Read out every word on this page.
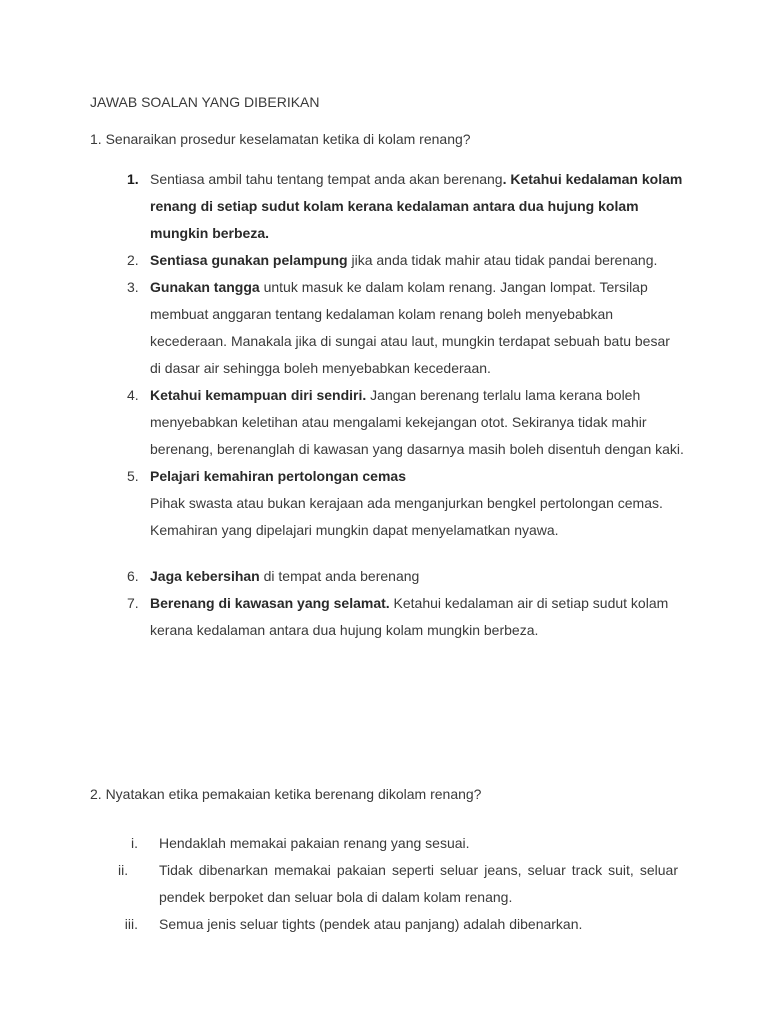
JAWAB SOALAN YANG DIBERIKAN
1. Senaraikan prosedur keselamatan ketika di kolam renang?
1. Sentiasa ambil tahu tentang tempat anda akan berenang. Ketahui kedalaman kolam renang di setiap sudut kolam kerana kedalaman antara dua hujung kolam mungkin berbeza.
2. Sentiasa gunakan pelampung jika anda tidak mahir atau tidak pandai berenang.
3. Gunakan tangga untuk masuk ke dalam kolam renang. Jangan lompat. Tersilap membuat anggaran tentang kedalaman kolam renang boleh menyebabkan kecederaan. Manakala jika di sungai atau laut, mungkin terdapat sebuah batu besar di dasar air sehingga boleh menyebabkan kecederaan.
4. Ketahui kemampuan diri sendiri. Jangan berenang terlalu lama kerana boleh menyebabkan keletihan atau mengalami kekejangan otot. Sekiranya tidak mahir berenang, berenanglah di kawasan yang dasarnya masih boleh disentuh dengan kaki.
5. Pelajari kemahiran pertolongan cemas
Pihak swasta atau bukan kerajaan ada menganjurkan bengkel pertolongan cemas. Kemahiran yang dipelajari mungkin dapat menyelamatkan nyawa.
6. Jaga kebersihan di tempat anda berenang
7. Berenang di kawasan yang selamat. Ketahui kedalaman air di setiap sudut kolam kerana kedalaman antara dua hujung kolam mungkin berbeza.
2. Nyatakan etika pemakaian ketika berenang dikolam renang?
i. Hendaklah memakai pakaian renang yang sesuai.
ii.	Tidak dibenarkan memakai pakaian seperti seluar jeans, seluar track suit, seluar pendek berpoket dan seluar bola di dalam kolam renang.
iii. Semua jenis seluar tights (pendek atau panjang) adalah dibenarkan.
